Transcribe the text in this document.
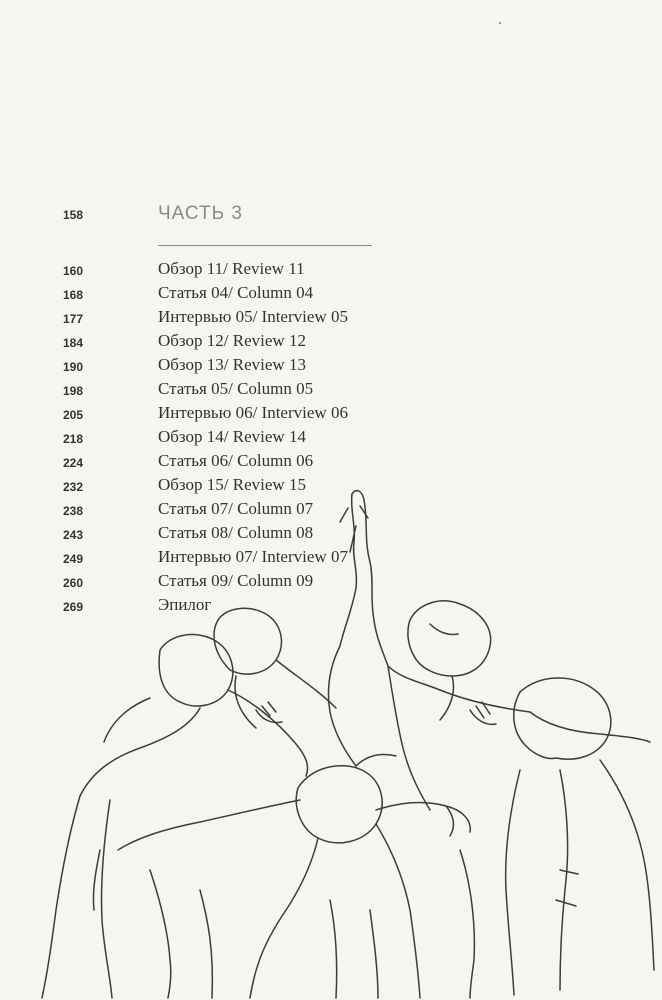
158	ЧАСТЬ 3
160	Обзор 11/ Review 11
168	Статья 04/ Column 04
177	Интервью 05/ Interview 05
184	Обзор 12/ Review 12
190	Обзор 13/ Review 13
198	Статья 05/ Column 05
205	Интервью 06/ Interview 06
218	Обзор 14/ Review 14
224	Статья 06/ Column 06
232	Обзор 15/ Review 15
238	Статья 07/ Column 07
243	Статья 08/ Column 08
249	Интервью 07/ Interview 07
260	Статья 09/ Column 09
269	Эпилог
